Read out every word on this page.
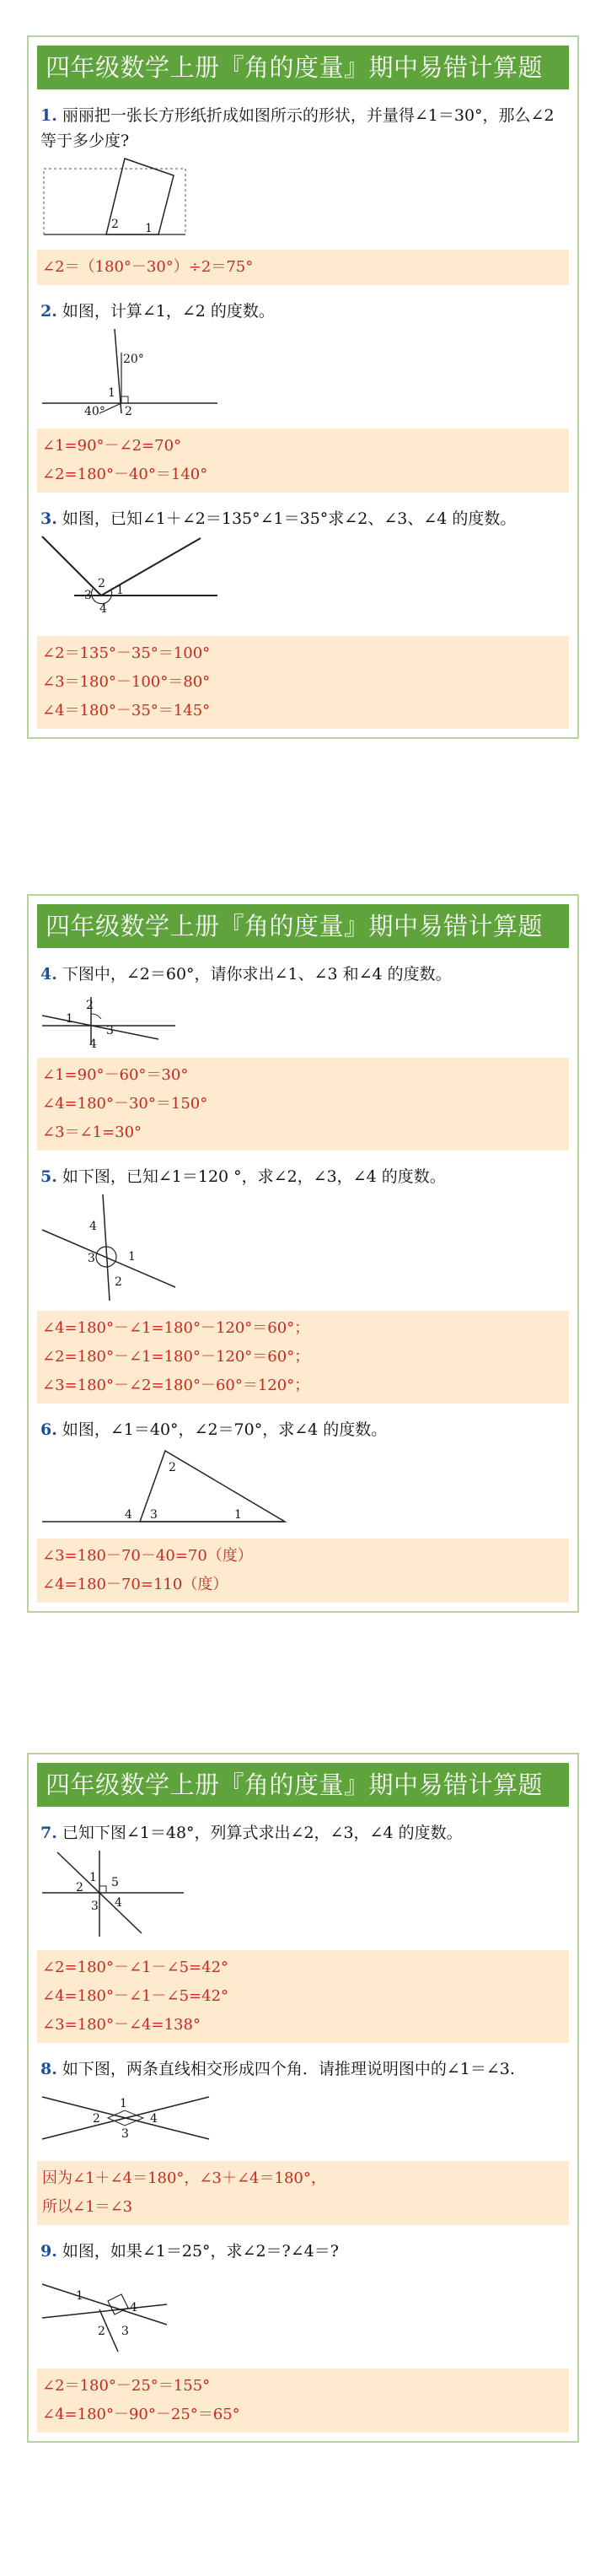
四年级数学上册『角的度量』期中易错计算题
1. 丽丽把一张长方形纸折成如图所示的形状，并量得∠1＝30°，那么∠2 等于多少度?
2 1
∠2＝（180°－30°）÷2＝75°
2. 如图，计算∠1，∠2 的度数。
20°
1
40° 2
∠1=90°－∠2=70°
∠2=180°－40°＝140°
3. 如图，已知∠1＋∠2＝135°∠1＝35°求∠2、∠3、∠4 的度数。
2
3 1
4
∠2＝135°－35°＝100°
∠3＝180°－100°＝80°
∠4＝180°－35°＝145°
四年级数学上册『角的度量』期中易错计算题
4. 下图中，∠2＝60°，请你求出∠1、∠3 和∠4 的度数。
2
1
3
4
∠1=90°－60°＝30°
∠4=180°－30°＝150°
∠3＝∠1=30°
5. 如下图，已知∠1＝120 °，求∠2，∠3，∠4 的度数。
4
3	1
2
∠4=180°－∠1=180°－120°＝60°；
∠2=180°－∠1=180°－120°＝60°；
∠3=180°－∠2=180°－60°＝120°；
6. 如图，∠1＝40°，∠2＝70°，求∠4 的度数。
2
4 3	1
∠3=180－70－40=70（度）
∠4=180－70=110（度）
四年级数学上册『角的度量』期中易错计算题
7. 已知下图∠1＝48°，列算式求出∠2，∠3，∠4 的度数。
1 5
2
3 4
∠2=180°－∠1－∠5=42°
∠4=180°－∠1－∠5=42°
∠3=180°－∠4=138°
8. 如下图，两条直线相交形成四个角．请推理说明图中的∠1＝∠3.
1
2	4
3
因为∠1＋∠4＝180°，∠3＋∠4＝180°，
所以∠1＝∠3
9. 如图，如果∠1＝25°，求∠2＝?∠4＝?
1
4
2 3
∠2＝180°－25°＝155°
∠4=180°－90°－25°＝65°
